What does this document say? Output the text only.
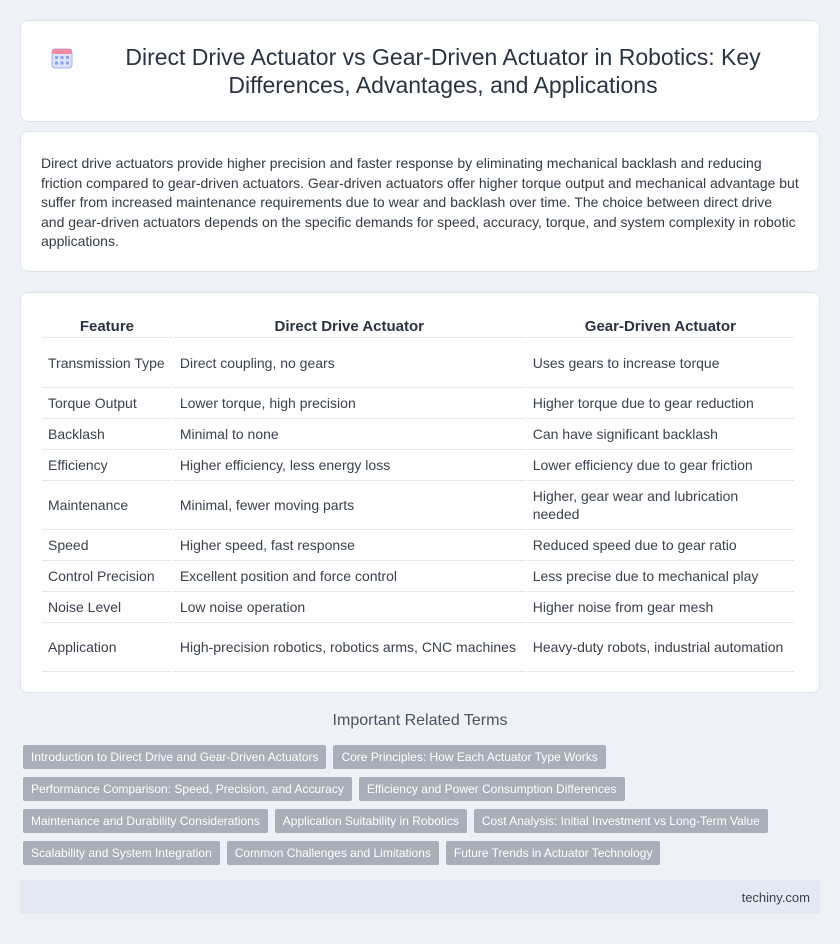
Direct Drive Actuator vs Gear-Driven Actuator in Robotics: Key Differences, Advantages, and Applications

Direct drive actuators provide higher precision and faster response by eliminating mechanical backlash and reducing friction compared to gear-driven actuators. Gear-driven actuators offer higher torque output and mechanical advantage but suffer from increased maintenance requirements due to wear and backlash over time. The choice between direct drive and gear-driven actuators depends on the specific demands for speed, accuracy, torque, and system complexity in robotic applications.

Feature	Direct Drive Actuator	Gear-Driven Actuator
Transmission Type	Direct coupling, no gears	Uses gears to increase torque
Torque Output	Lower torque, high precision	Higher torque due to gear reduction
Backlash	Minimal to none	Can have significant backlash
Efficiency	Higher efficiency, less energy loss	Lower efficiency due to gear friction
Maintenance	Minimal, fewer moving parts	Higher, gear wear and lubrication needed
Speed	Higher speed, fast response	Reduced speed due to gear ratio
Control Precision	Excellent position and force control	Less precise due to mechanical play
Noise Level	Low noise operation	Higher noise from gear mesh
Application	High-precision robotics, robotics arms, CNC machines	Heavy-duty robots, industrial automation
Important Related Terms
Introduction to Direct Drive and Gear-Driven Actuators	Core Principles: How Each Actuator Type Works
Performance Comparison: Speed, Precision, and Accuracy	Efficiency and Power Consumption Differences
Maintenance and Durability Considerations	Application Suitability in Robotics	Cost Analysis: Initial Investment vs Long-Term Value
Scalability and System Integration	Common Challenges and Limitations	Future Trends in Actuator Technology
techiny.com
